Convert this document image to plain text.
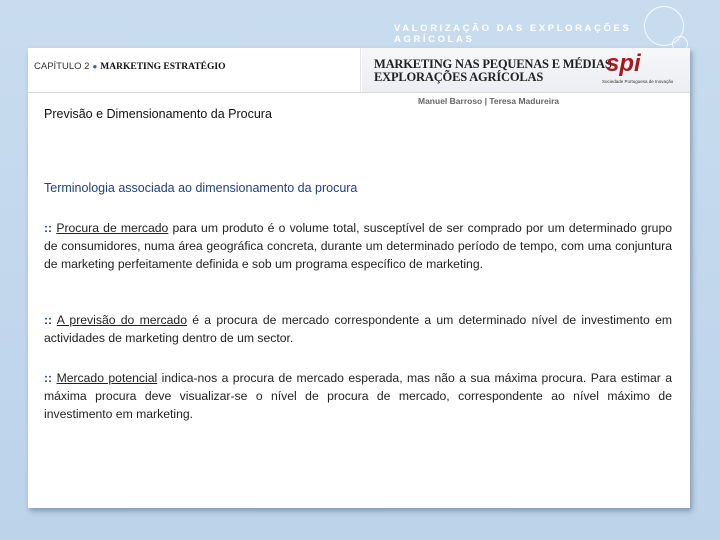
VALORIZAÇÃO DAS EXPLORAÇÕES AGRÍCOLAS
CAPÍTULO 2 ● MARKETING ESTRATÉGIO	MARKETING NAS PEQUENAS E MÉDIAS
EXPLORAÇÕES AGRÍCOLAS	spi
Sociedade Portuguesa de Inovação
Manuel Barroso | Teresa Madureira
Previsão e Dimensionamento da Procura
Terminologia associada ao dimensionamento da procura
:: Procura de mercado para um produto é o volume total, susceptível de ser comprado por um determinado grupo de consumidores, numa área geográfica concreta, durante um determinado período de tempo, com uma conjuntura de marketing perfeitamente definida e sob um programa específico de marketing.
:: A previsão do mercado é a procura de mercado correspondente a um determinado nível de investimento em actividades de marketing dentro de um sector.
:: Mercado potencial indica-nos a procura de mercado esperada, mas não a sua máxima procura. Para estimar a máxima procura deve visualizar-se o nível de procura de mercado, correspondente ao nível máximo de investimento em marketing.
